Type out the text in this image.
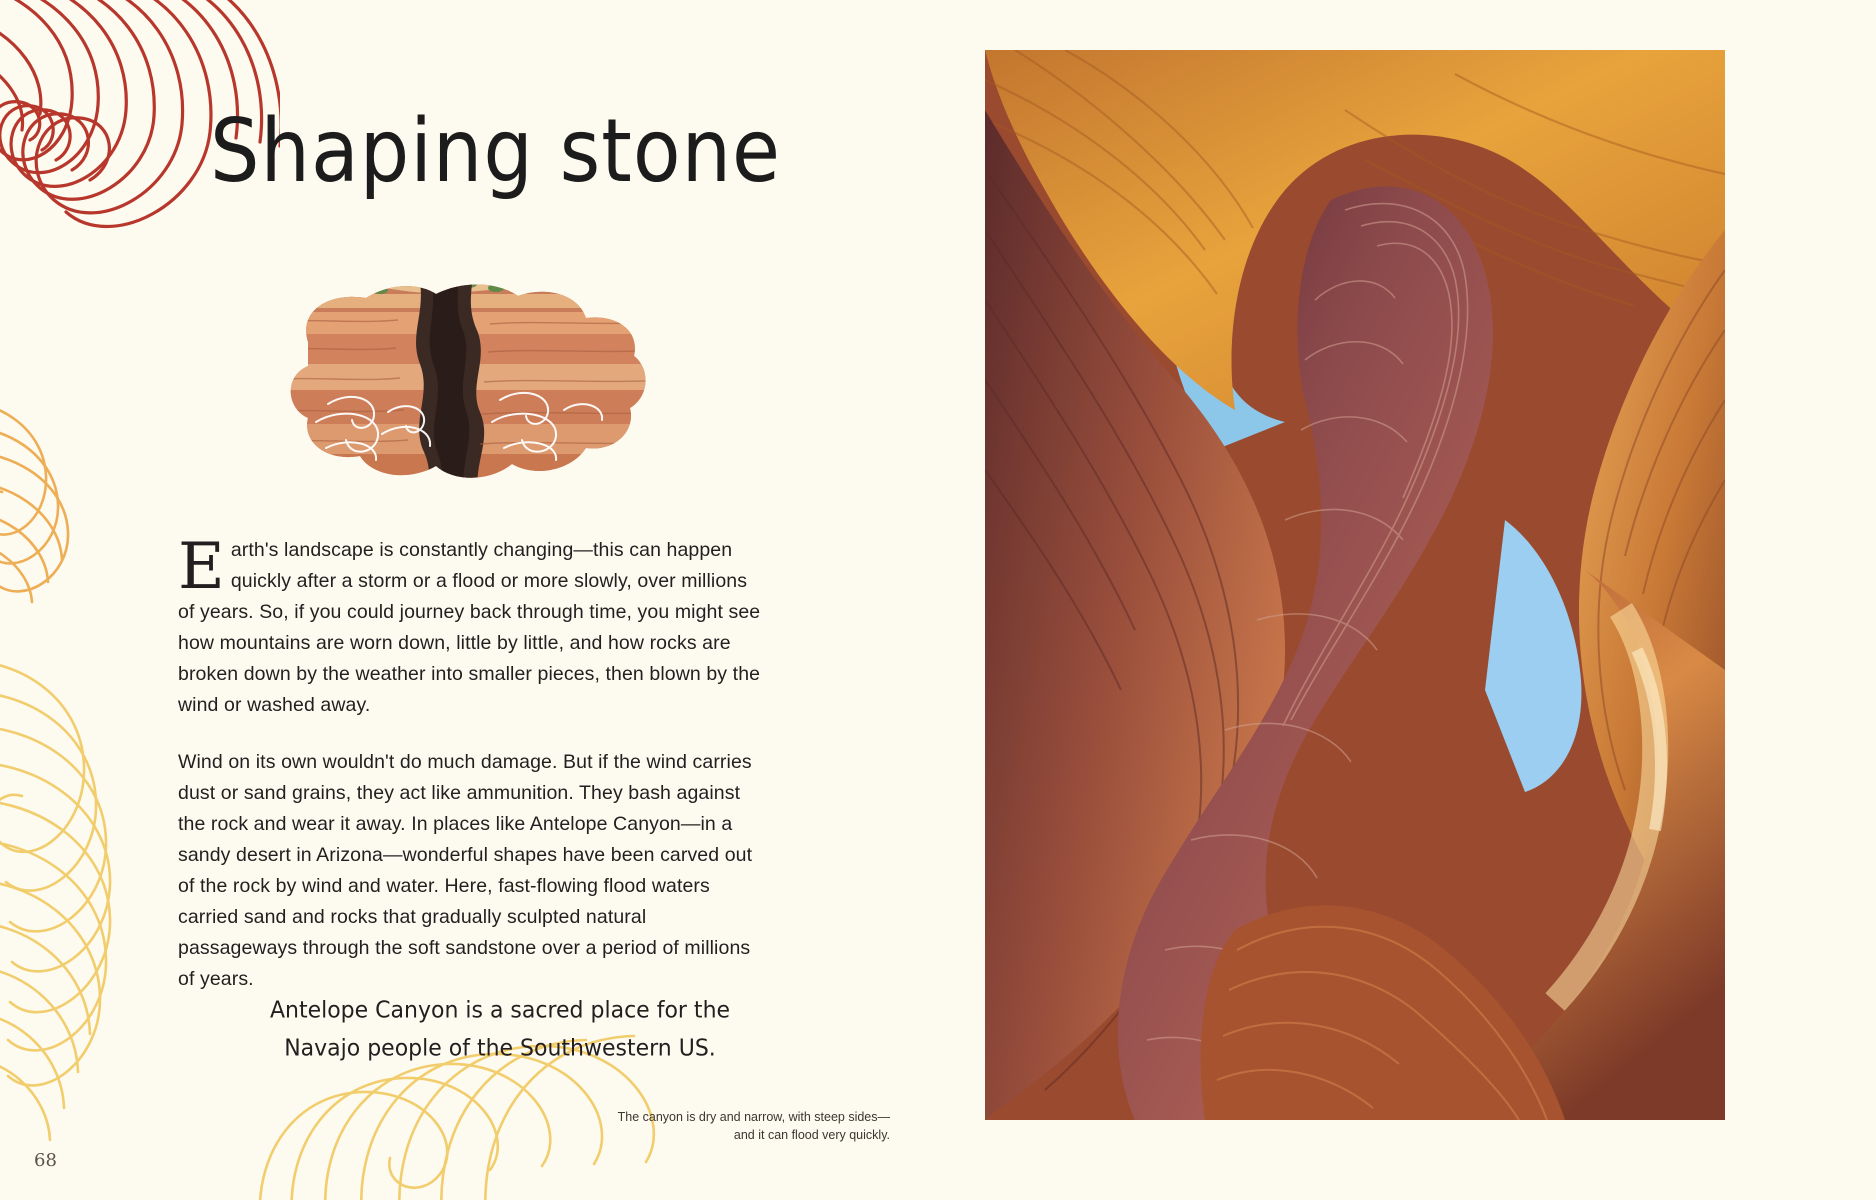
Shaping stone

Earth's landscape is constantly changing—this can happen quickly after a storm or a flood or more slowly, over millions of years. So, if you could journey back through time, you might see how mountains are worn down, little by little, and how rocks are broken down by the weather into smaller pieces, then blown by the wind or washed away.

Wind on its own wouldn't do much damage. But if the wind carries dust or sand grains, they act like ammunition. They bash against the rock and wear it away. In places like Antelope Canyon—in a sandy desert in Arizona—wonderful shapes have been carved out of the rock by wind and water. Here, fast-flowing flood waters carried sand and rocks that gradually sculpted natural passageways through the soft sandstone over a period of millions of years.

Antelope Canyon is a sacred place for the Navajo people of the Southwestern US.
The canyon is dry and narrow, with steep sides—and it can flood very quickly.
68
